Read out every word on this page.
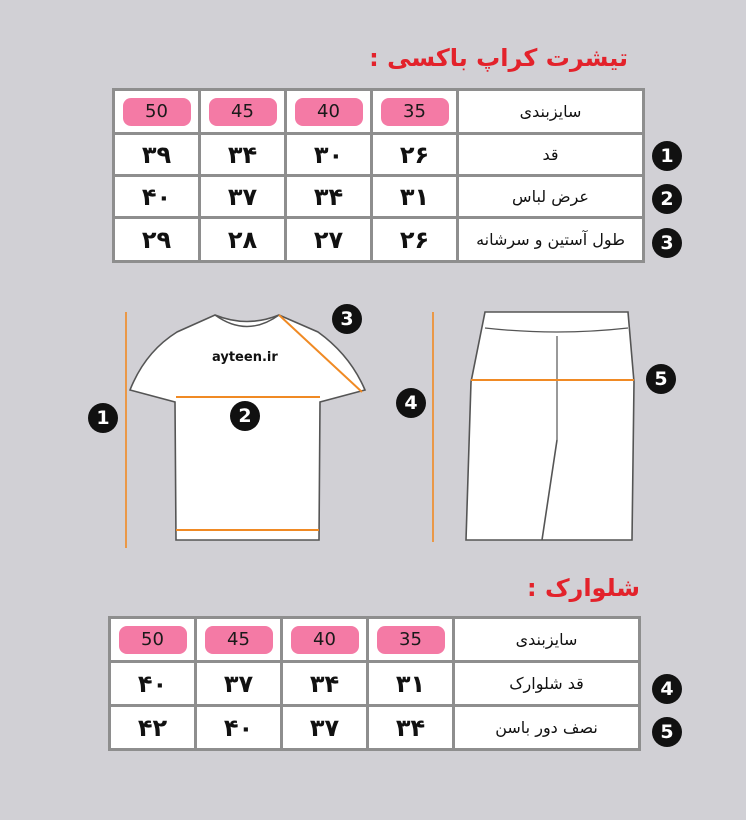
تیشرت کراپ باکسی :
50	45	40	35	سایزبندی
۳۹	۳۴	۳۰	۲۶	قد
۴۰	۳۷	۳۴	۳۱	عرض لباس
۲۹	۲۸	۲۷	۲۶	طول آستین و سرشانه
1
2
3
ayteen.ir
1	2
3
4
5
شلوارک :
50	45	40	35	سایزبندی
۴۰	۳۷	۳۴	۳۱	قد شلوارک
۴۲	۴۰	۳۷	۳۴	نصف دور باسن
4
5
